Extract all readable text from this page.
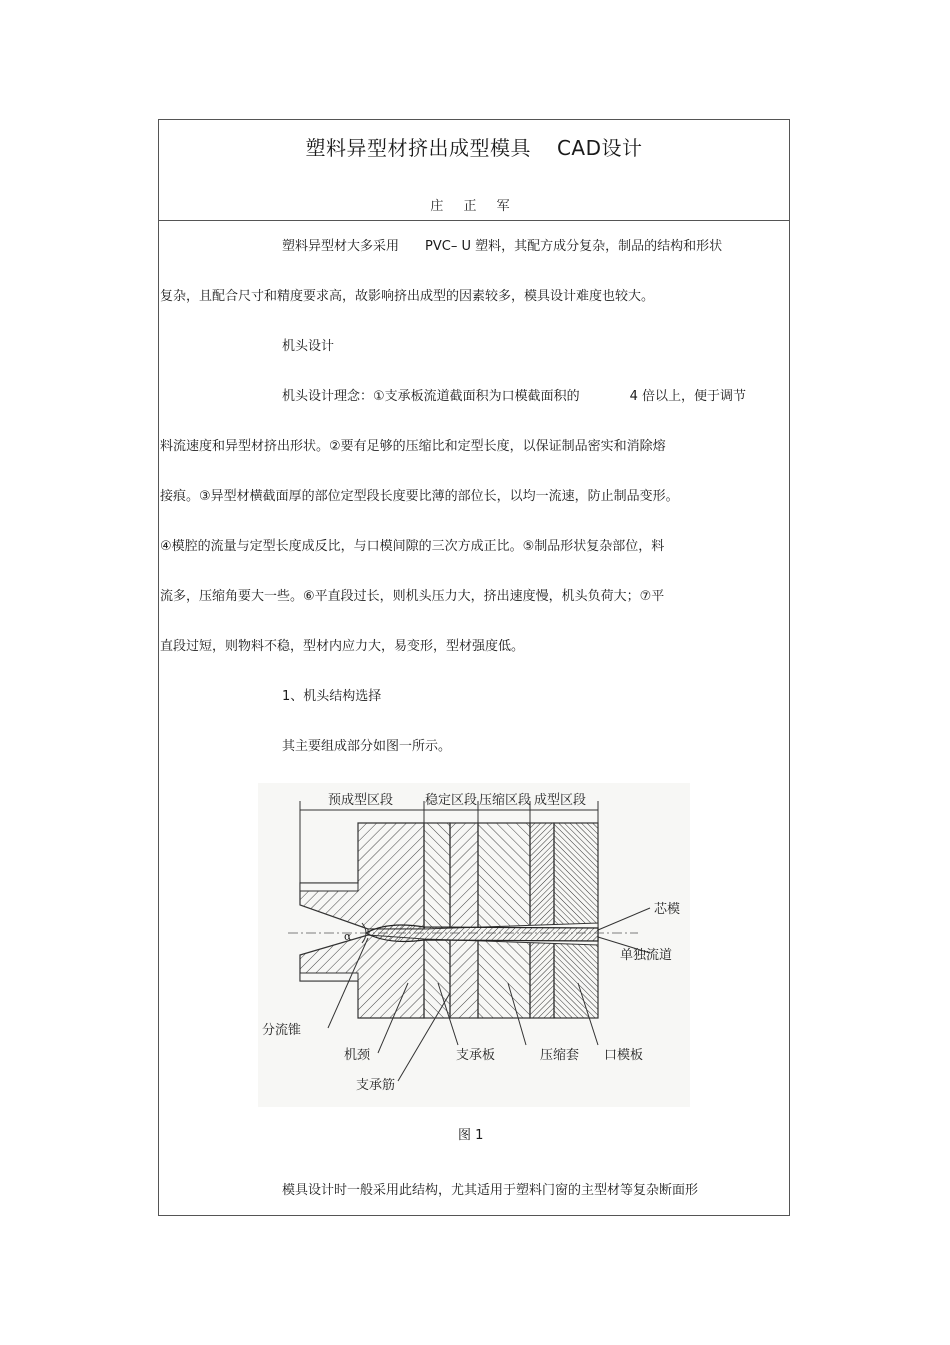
塑料异型材挤出成型模具 CAD设计
庄 正 军
塑料异型材大多采用 PVC– U 塑料，其配方成分复杂，制品的结构和形状
复杂，且配合尺寸和精度要求高，故影响挤出成型的因素较多，模具设计难度也较大。
机头设计
机头设计理念：①支承板流道截面积为口模截面积的	4 倍以上，便于调节
料流速度和异型材挤出形状。②要有足够的压缩比和定型长度，以保证制品密实和消除熔
接痕。③异型材横截面厚的部位定型段长度要比薄的部位长，以均一流速，防止制品变形。
④模腔的流量与定型长度成反比，与口模间隙的三次方成正比。⑤制品形状复杂部位，料
流多，压缩角要大一些。⑥平直段过长，则机头压力大，挤出速度慢，机头负荷大；⑦平
直段过短，则物料不稳，型材内应力大，易变形，型材强度低。
1、机头结构选择
其主要组成部分如图一所示。
预成型区段 稳定区段 压缩区段 成型区段
α
芯模
单独流道
分流锥
机颈	支承板	压缩套 口模板
支承筋
图 1
模具设计时一般采用此结构，尤其适用于塑料门窗的主型材等复杂断面形
